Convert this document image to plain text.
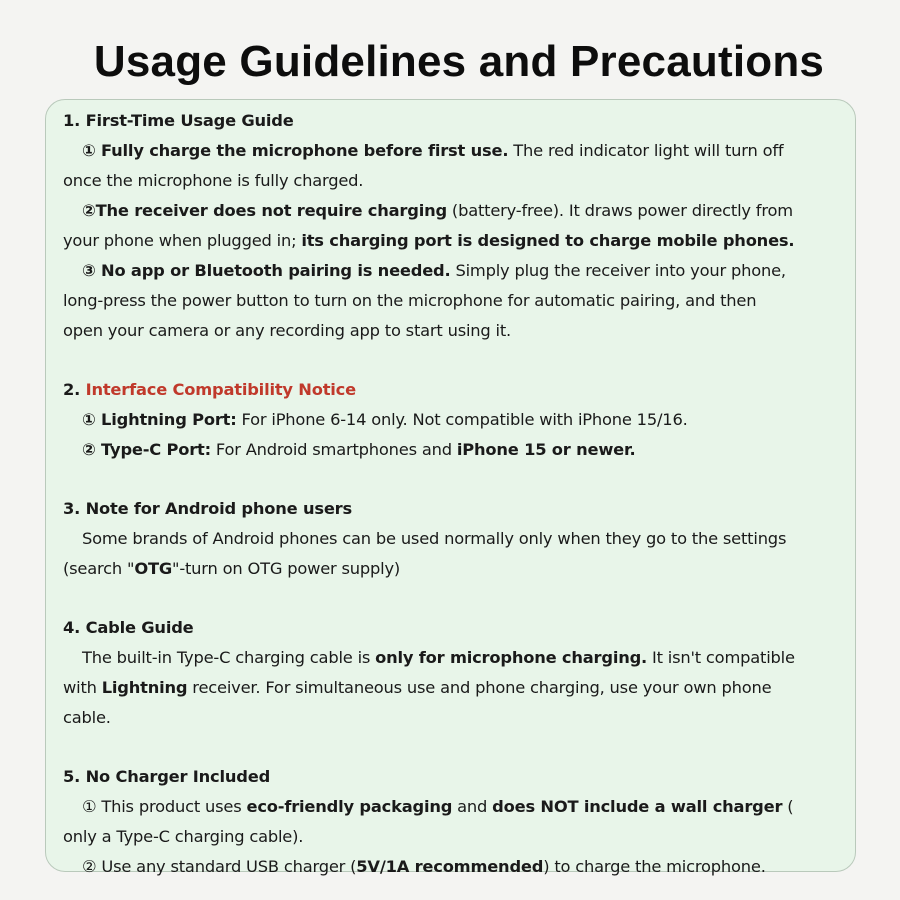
Usage Guidelines and Precautions
1. First-Time Usage Guide
① Fully charge the microphone before first use. The red indicator light will turn off
once the microphone is fully charged.
②The receiver does not require charging (battery-free). It draws power directly from
your phone when plugged in; its charging port is designed to charge mobile phones.
③ No app or Bluetooth pairing is needed. Simply plug the receiver into your phone,
long-press the power button to turn on the microphone for automatic pairing, and then
open your camera or any recording app to start using it.
2. Interface Compatibility Notice
① Lightning Port: For iPhone 6-14 only. Not compatible with iPhone 15/16.
② Type-C Port: For Android smartphones and iPhone 15 or newer.
3. Note for Android phone users
Some brands of Android phones can be used normally only when they go to the settings
(search "OTG"-turn on OTG power supply)
4. Cable Guide
The built-in Type-C charging cable is only for microphone charging. It isn't compatible
with Lightning receiver. For simultaneous use and phone charging, use your own phone
cable.
5. No Charger Included
① This product uses eco-friendly packaging and does NOT include a wall charger (
only a Type-C charging cable).
② Use any standard USB charger (5V/1A recommended) to charge the microphone.
